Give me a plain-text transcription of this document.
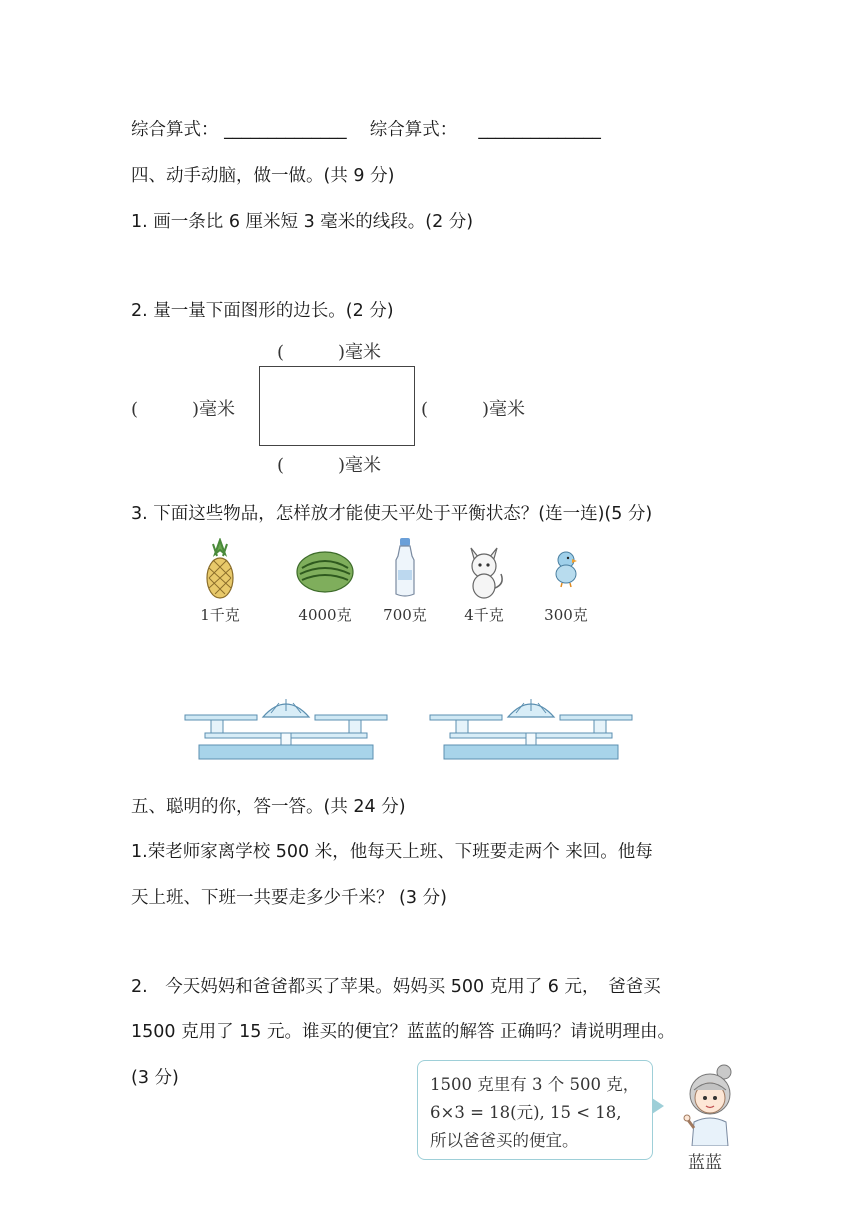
综合算式： ______________ 综合算式： ______________
四、动手动脑，做一做。(共 9 分)
1. 画一条比 6 厘米短 3 毫米的线段。(2 分)
2. 量一量下面图形的边长。(2 分)
(　　　)毫米
(　　　)毫米	(　　　)毫米
(　　　)毫米
3. 下面这些物品，怎样放才能使天平处于平衡状态？(连一连)(5 分)
1千克	4000克	700克	4千克	300克
五、聪明的你，答一答。(共 24 分)
1.荣老师家离学校 500 米，他每天上班、下班要走两个 来回。他每
天上班、下班一共要走多少千米？ (3 分)
2.　今天妈妈和爸爸都买了苹果。妈妈买 500 克用了 6 元，　爸爸买
1500 克用了 15 元。谁买的便宜？蓝蓝的解答 正确吗？请说明理由。
(3 分)	1500 克里有 3 个 500 克，
6×3 = 18(元), 15 < 18,
所以爸爸买的便宜。
蓝蓝
